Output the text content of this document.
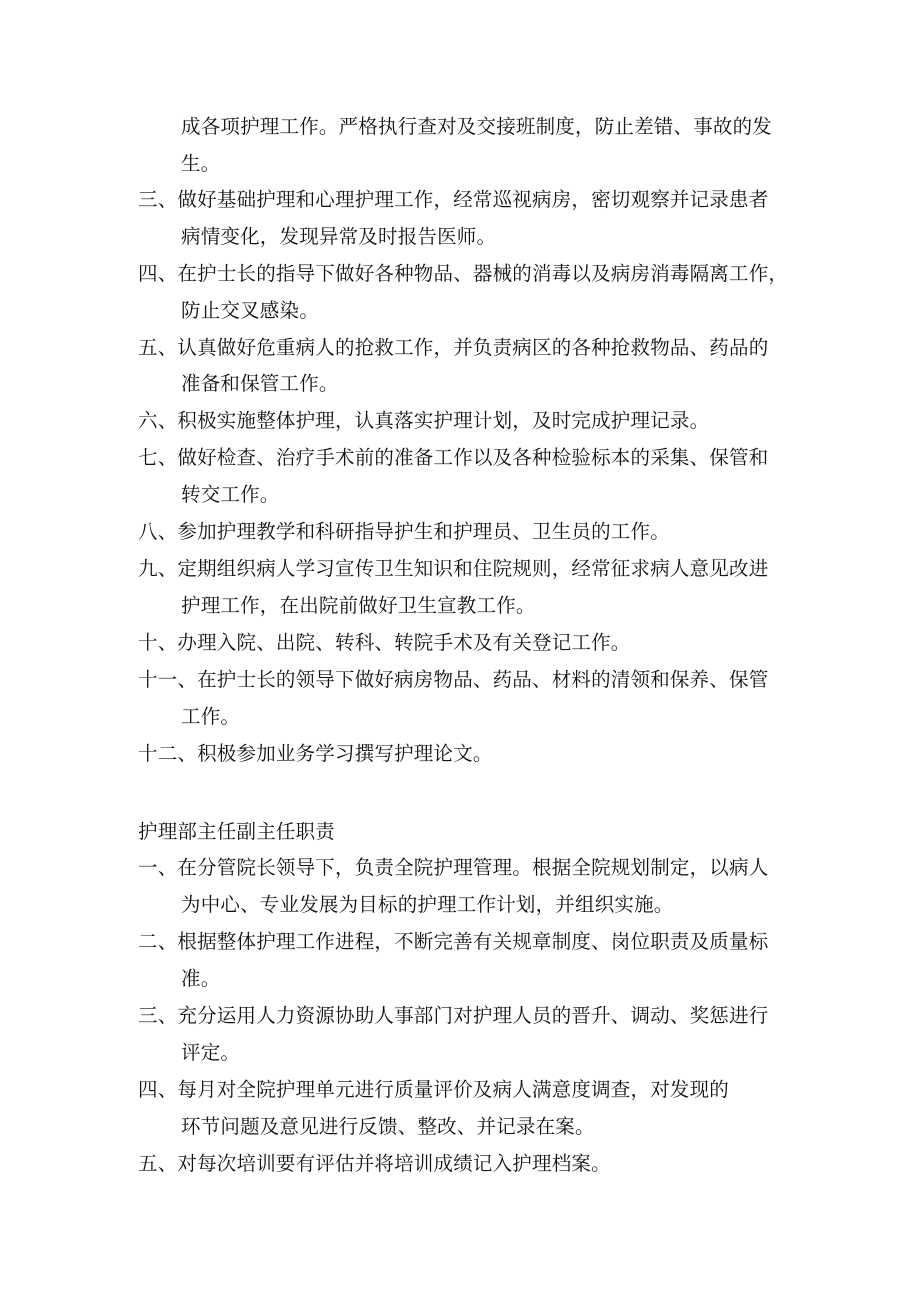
成各项护理工作。严格执行查对及交接班制度，防止差错、事故的发
生。
三、做好基础护理和心理护理工作，经常巡视病房，密切观察并记录患者
病情变化，发现异常及时报告医师。
四、在护士长的指导下做好各种物品、器械的消毒以及病房消毒隔离工作，
防止交叉感染。
五、认真做好危重病人的抢救工作，并负责病区的各种抢救物品、药品的
准备和保管工作。
六、积极实施整体护理，认真落实护理计划，及时完成护理记录。
七、做好检查、治疗手术前的准备工作以及各种检验标本的采集、保管和
转交工作。
八、参加护理教学和科研指导护生和护理员、卫生员的工作。
九、定期组织病人学习宣传卫生知识和住院规则，经常征求病人意见改进
护理工作，在出院前做好卫生宣教工作。
十、办理入院、出院、转科、转院手术及有关登记工作。
十一、在护士长的领导下做好病房物品、药品、材料的清领和保养、保管
工作。
十二、积极参加业务学习撰写护理论文。
护理部主任副主任职责
一、在分管院长领导下，负责全院护理管理。根据全院规划制定，以病人
为中心、专业发展为目标的护理工作计划，并组织实施。
二、根据整体护理工作进程，不断完善有关规章制度、岗位职责及质量标
准。
三、充分运用人力资源协助人事部门对护理人员的晋升、调动、奖惩进行
评定。
四、每月对全院护理单元进行质量评价及病人满意度调查，对发现的
环节问题及意见进行反馈、整改、并记录在案。
五、对每次培训要有评估并将培训成绩记入护理档案。
